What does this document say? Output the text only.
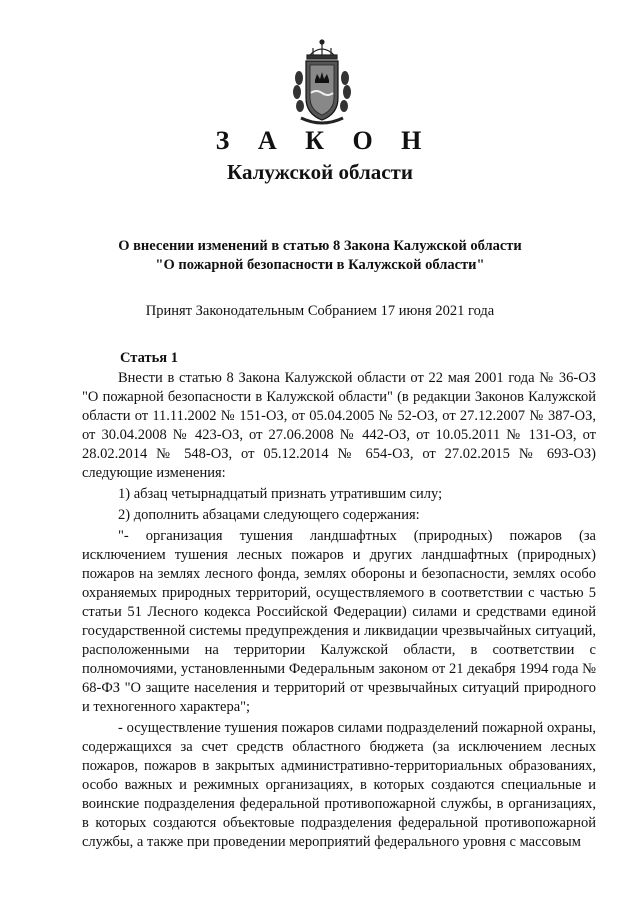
З А К О Н
Калужской области
О внесении изменений в статью 8 Закона Калужской области
"О пожарной безопасности в Калужской области"
Принят Законодательным Собранием 17 июня 2021 года
Статья 1

Внести в статью 8 Закона Калужской области от 22 мая 2001 года № 36-ОЗ "О пожарной безопасности в Калужской области" (в редакции Законов Калужской области от 11.11.2002 № 151-ОЗ, от 05.04.2005 № 52-ОЗ, от 27.12.2007 № 387-ОЗ, от 30.04.2008 № 423-ОЗ, от 27.06.2008 № 442-ОЗ, от 10.05.2011 № 131-ОЗ, от 28.02.2014 № 548-ОЗ, от 05.12.2014 № 654-ОЗ, от 27.02.2015 № 693-ОЗ) следующие изменения:

1) абзац четырнадцатый признать утратившим силу;

2) дополнить абзацами следующего содержания:

"- организация тушения ландшафтных (природных) пожаров (за исключением тушения лесных пожаров и других ландшафтных (природных) пожаров на землях лесного фонда, землях обороны и безопасности, землях особо охраняемых природных территорий, осуществляемого в соответствии с частью 5 статьи 51 Лесного кодекса Российской Федерации) силами и средствами единой государственной системы предупреждения и ликвидации чрезвычайных ситуаций, расположенными на территории Калужской области, в соответствии с полномочиями, установленными Федеральным законом от 21 декабря 1994 года № 68-ФЗ "О защите населения и территорий от чрезвычайных ситуаций природного и техногенного характера";

- осуществление тушения пожаров силами подразделений пожарной охраны, содержащихся за счет средств областного бюджета (за исключением лесных пожаров, пожаров в закрытых административно-территориальных образованиях, особо важных и режимных организациях, в которых создаются специальные и воинские подразделения федеральной противопожарной службы, в организациях, в которых создаются объектовые подразделения федеральной противопожарной службы, а также при проведении мероприятий федерального уровня с массовым
